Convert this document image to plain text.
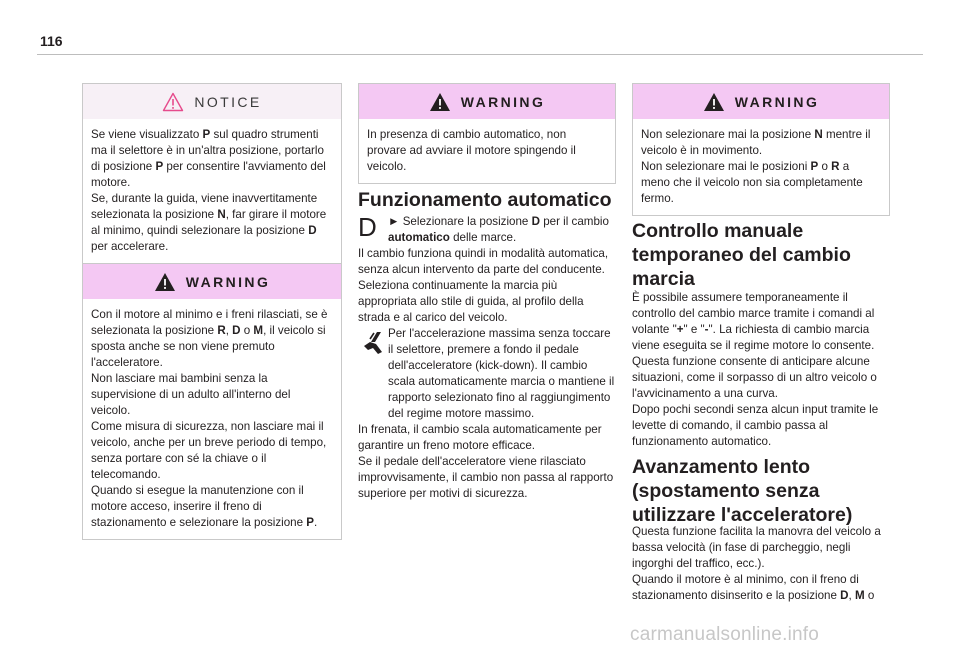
116
NOTICE

Se viene visualizzato P sul quadro strumenti ma il selettore è in un'altra posizione, portarlo di posizione P per consentire l'avviamento del motore.

Se, durante la guida, viene inavvertitamente selezionata la posizione N, far girare il motore al minimo, quindi selezionare la posizione D per accelerare.

WARNING

Con il motore al minimo e i freni rilasciati, se è selezionata la posizione R, D o M, il veicolo si sposta anche se non viene premuto l'acceleratore.

Non lasciare mai bambini senza la supervisione di un adulto all'interno del veicolo.

Come misura di sicurezza, non lasciare mai il veicolo, anche per un breve periodo di tempo, senza portare con sé la chiave o il telecomando.

Quando si esegue la manutenzione con il motore acceso, inserire il freno di stazionamento e selezionare la posizione P.

WARNING

In presenza di cambio automatico, non provare ad avviare il motore spingendo il veicolo.

Funzionamento automatico
D ► Selezionare la posizione D per il cambio automatico delle marce.

Il cambio funziona quindi in modalità automatica, senza alcun intervento da parte del conducente.

Seleziona continuamente la marcia più appropriata allo stile di guida, al profilo della strada e al carico del veicolo.

Per l'accelerazione massima senza toccare il selettore, premere a fondo il pedale dell'acceleratore (kick-down). Il cambio scala automaticamente marcia o mantiene il rapporto selezionato fino al raggiungimento del regime motore massimo.

In frenata, il cambio scala automaticamente per garantire un freno motore efficace.

Se il pedale dell'acceleratore viene rilasciato improvvisamente, il cambio non passa al rapporto superiore per motivi di sicurezza.

WARNING

Non selezionare mai la posizione N mentre il veicolo è in movimento.

Non selezionare mai le posizioni P o R a meno che il veicolo non sia completamente fermo.

Controllo manuale temporaneo del cambio marcia

È possibile assumere temporaneamente il controllo del cambio marce tramite i comandi al volante "+" e "-". La richiesta di cambio marcia viene eseguita se il regime motore lo consente.

Questa funzione consente di anticipare alcune situazioni, come il sorpasso di un altro veicolo o l'avvicinamento a una curva.

Dopo pochi secondi senza alcun input tramite le levette di comando, il cambio passa al funzionamento automatico.

Avanzamento lento (spostamento senza utilizzare l'acceleratore)

Questa funzione facilita la manovra del veicolo a bassa velocità (in fase di parcheggio, negli ingorghi del traffico, ecc.).

Quando il motore è al minimo, con il freno di stazionamento disinserito e la posizione D, M o

carmanualsonline.info
